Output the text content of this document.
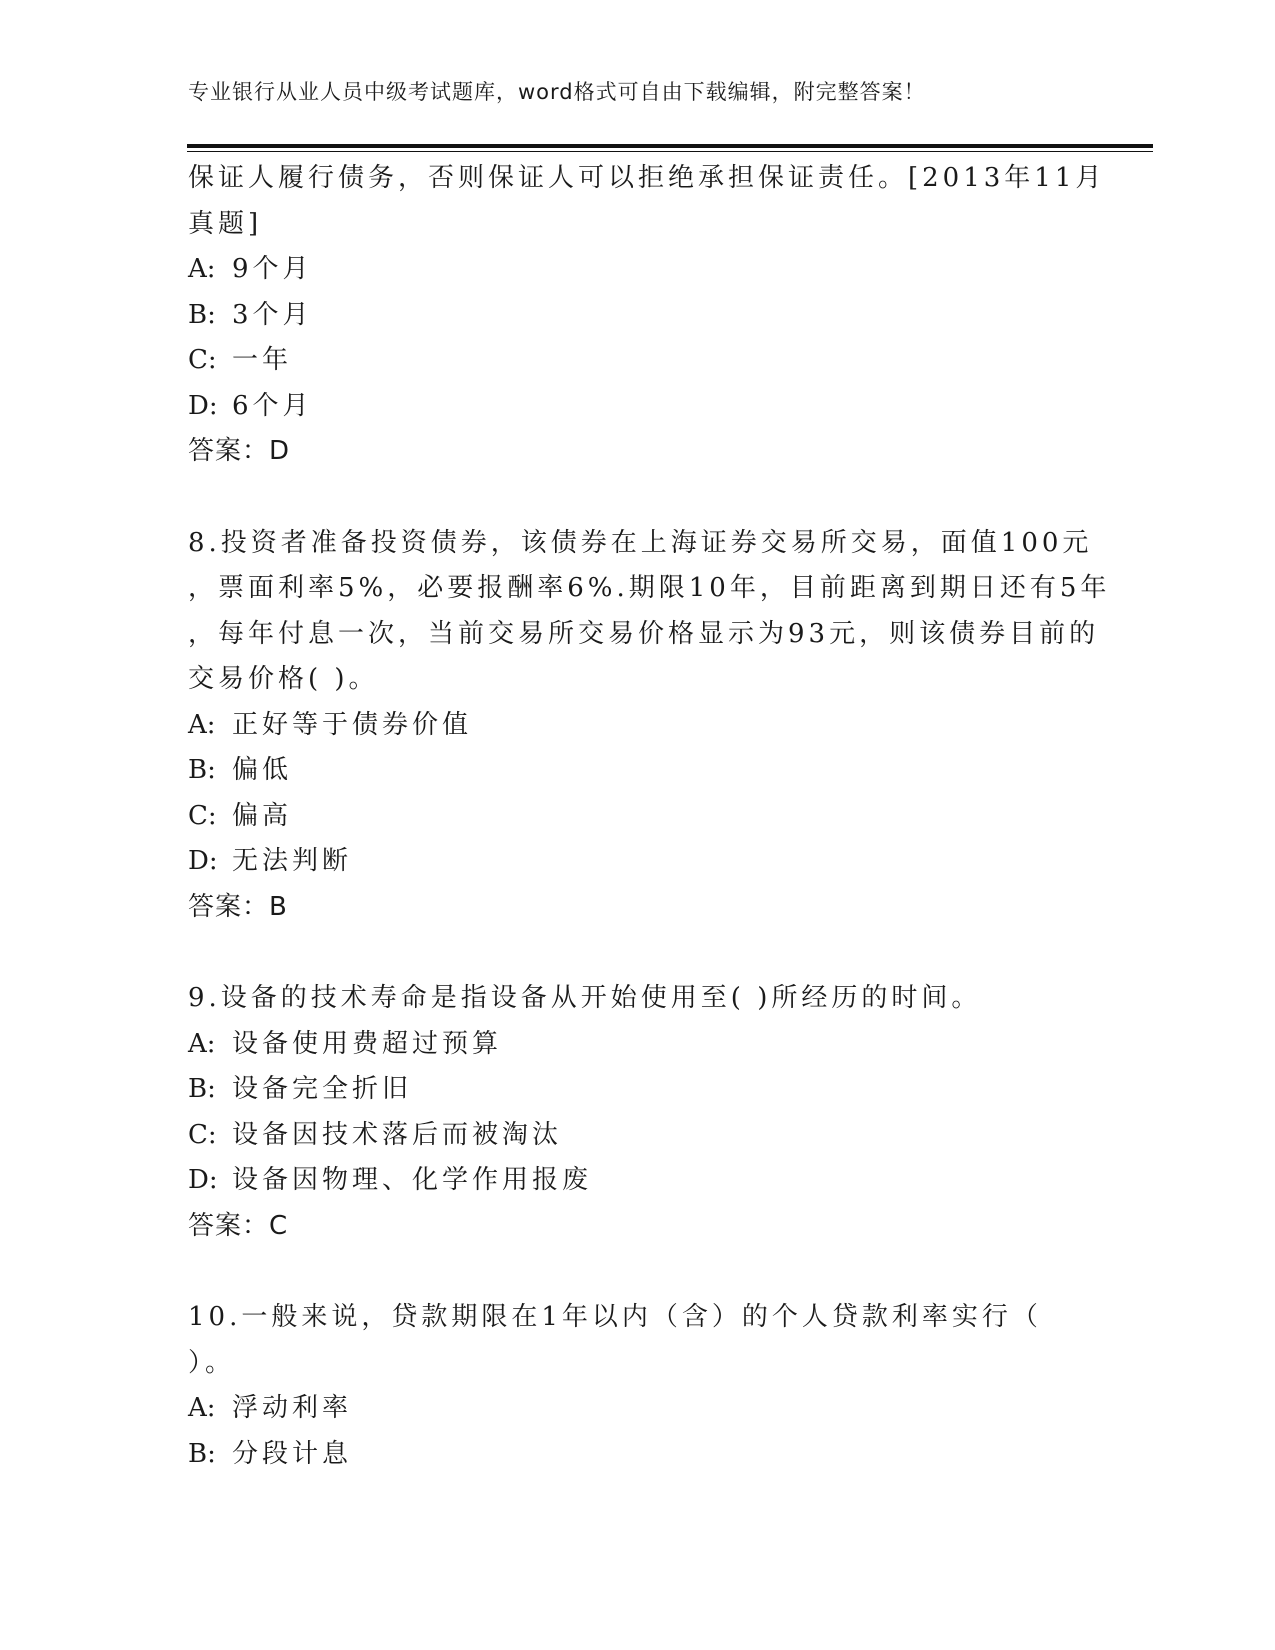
专业银行从业人员中级考试题库，word格式可自由下载编辑，附完整答案！
保证人履行债务，否则保证人可以拒绝承担保证责任。[2013年11月
真题]
A: 9个月
B: 3个月
C: 一年
D: 6个月
答案：D
8.投资者准备投资债券，该债券在上海证券交易所交易，面值100元
，票面利率5%，必要报酬率6%.期限10年，目前距离到期日还有5年
，每年付息一次，当前交易所交易价格显示为93元，则该债券目前的
交易价格( )。
A: 正好等于债券价值
B: 偏低
C: 偏高
D: 无法判断
答案：B
9.设备的技术寿命是指设备从开始使用至( )所经历的时间。
A: 设备使用费超过预算
B: 设备完全折旧
C: 设备因技术落后而被淘汰
D: 设备因物理、化学作用报废
答案：C
10.一般来说，贷款期限在1年以内（含）的个人贷款利率实行（
）。
A: 浮动利率
B: 分段计息
